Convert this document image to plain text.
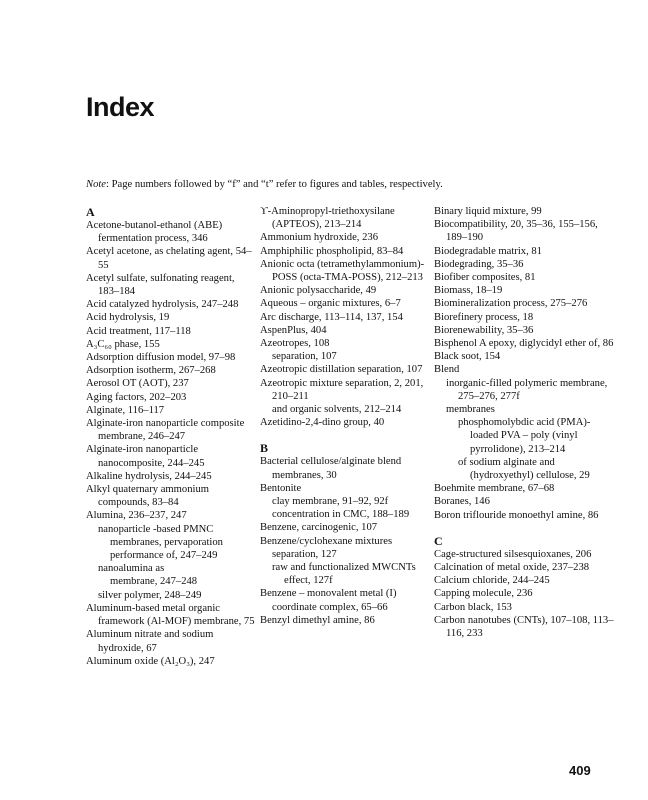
Index
Note: Page numbers followed by “f” and “t” refer to figures and tables, respectively.
A
Acetone-butanol-ethanol (ABE) fermentation process, 346
Acetyl acetone, as chelating agent, 54–55
Acetyl sulfate, sulfonating reagent, 183–184
Acid catalyzed hydrolysis, 247–248
Acid hydrolysis, 19
Acid treatment, 117–118
A₃C₆₀ phase, 155
Adsorption diffusion model, 97–98
Adsorption isotherm, 267–268
Aerosol OT (AOT), 237
Aging factors, 202–203
Alginate, 116–117
Alginate-iron nanoparticle composite membrane, 246–247
Alginate-iron nanoparticle nanocomposite, 244–245
Alkaline hydrolysis, 244–245
Alkyl quaternary ammonium compounds, 83–84
Alumina, 236–237, 247
nanoparticle -based PMNC membranes, pervaporation performance of, 247–249
nanoalumina as
membrane, 247–248
silver polymer, 248–249
Aluminum-based metal organic framework (Al-MOF) membrane, 75
Aluminum nitrate and sodium hydroxide, 67
Aluminum oxide (Al₂O₃), 247
ϒ-Aminopropyl-triethoxysilane (APTEOS), 213–214
Ammonium hydroxide, 236
Amphiphilic phospholipid, 83–84
Anionic octa (tetramethylammonium)-POSS (octa-TMA-POSS), 212–213
Anionic polysaccharide, 49
Aqueous – organic mixtures, 6–7
Arc discharge, 113–114, 137, 154
AspenPlus, 404
Azeotropes, 108
separation, 107
Azeotropic distillation separation, 107
Azeotropic mixture separation, 2, 201, 210–211
and organic solvents, 212–214
Azetidino-2,4-dino group, 40
B
Bacterial cellulose/alginate blend membranes, 30
Bentonite
clay membrane, 91–92, 92f
concentration in CMC, 188–189
Benzene, carcinogenic, 107
Benzene/cyclohexane mixtures
separation, 127
raw and functionalized MWCNTs effect, 127f
Benzene – monovalent metal (I) coordinate complex, 65–66
Benzyl dimethyl amine, 86
Binary liquid mixture, 99
Biocompatibility, 20, 35–36, 155–156, 189–190
Biodegradable matrix, 81
Biodegrading, 35–36
Biofiber composites, 81
Biomass, 18–19
Biomineralization process, 275–276
Biorefinery process, 18
Biorenewability, 35–36
Bisphenol A epoxy, diglycidyl ether of, 86
Black soot, 154
Blend
inorganic-filled polymeric membrane, 275–276, 277f
membranes
phosphomolybdic acid (PMA)-loaded PVA – poly (vinyl pyrrolidone), 213–214
of sodium alginate and (hydroxyethyl) cellulose, 29
Boehmite membrane, 67–68
Boranes, 146
Boron triflouride monoethyl amine, 86
C
Cage-structured silsesquioxanes, 206
Calcination of metal oxide, 237–238
Calcium chloride, 244–245
Capping molecule, 236
Carbon black, 153
Carbon nanotubes (CNTs), 107–108, 113–116, 233
409
